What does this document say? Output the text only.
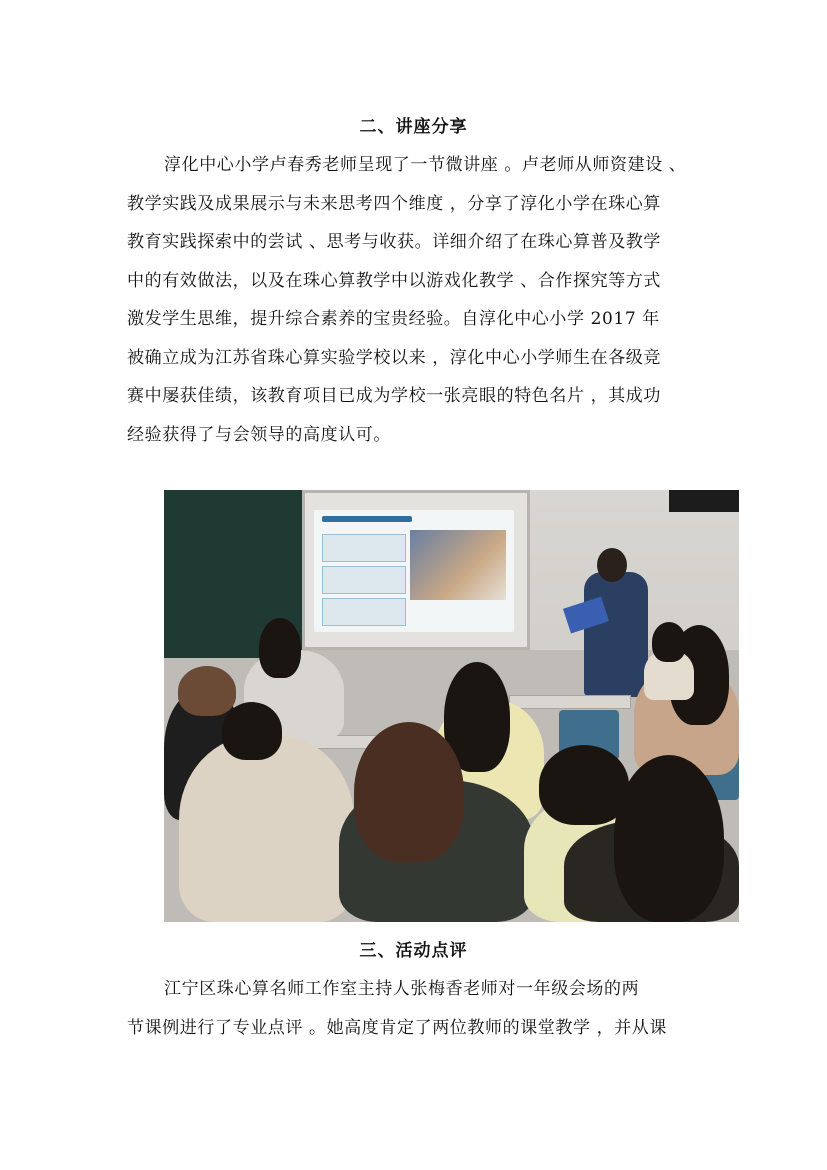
二、讲座分享
淳化中心小学卢春秀老师呈现了一节微讲座 。卢老师从师资建设 、
教学实践及成果展示与未来思考四个维度 ，分享了淳化小学在珠心算
教育实践探索中的尝试 、思考与收获。详细介绍了在珠心算普及教学
中的有效做法，以及在珠心算教学中以游戏化教学 、合作探究等方式
激发学生思维，提升综合素养的宝贵经验。自淳化中心小学 2017 年
被确立成为江苏省珠心算实验学校以来 ，淳化中心小学师生在各级竞
赛中屡获佳绩，该教育项目已成为学校一张亮眼的特色名片 ，其成功
经验获得了与会领导的高度认可。
三、活动点评
江宁区珠心算名师工作室主持人张梅香老师对一年级会场的两
节课例进行了专业点评 。她高度肯定了两位教师的课堂教学 ，并从课
